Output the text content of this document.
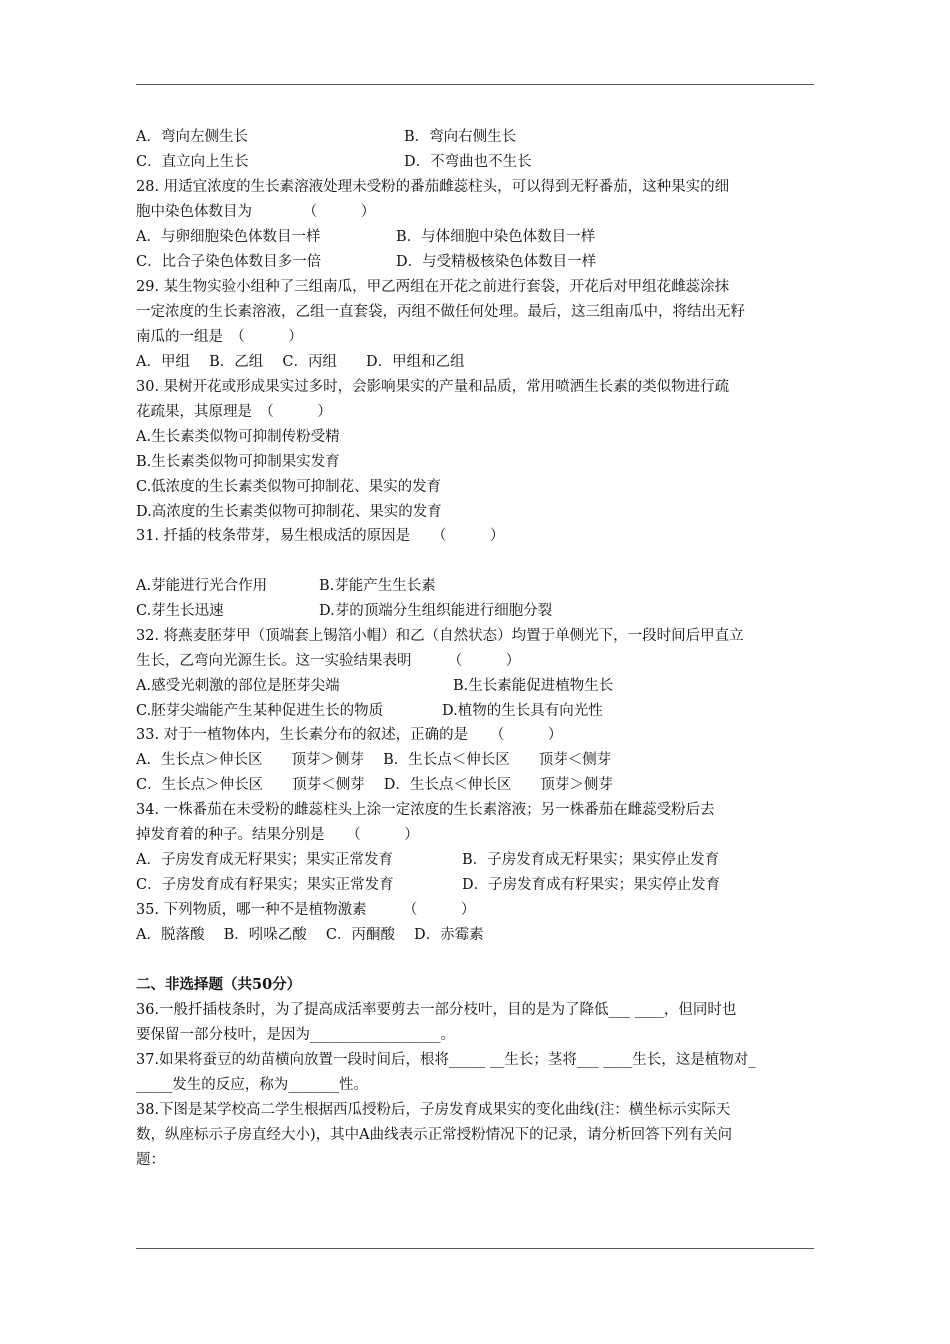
A．弯向左侧生长	B．弯向右侧生长
C．直立向上生长	D．不弯曲也不生长
28. 用适宜浓度的生长素溶液处理未受粉的番茄雌蕊柱头，可以得到无籽番茄，这种果实的细
胞中染色体数目为　　　　（　　　）
A．与卵细胞染色体数目一样	B．与体细胞中染色体数目一样
C．比合子染色体数目多一倍	D．与受精极核染色体数目一样
29. 某生物实验小组种了三组南瓜，甲乙两组在开花之前进行套袋，开花后对甲组花雌蕊涂抹
一定浓度的生长素溶液，乙组一直套袋，丙组不做任何处理。最后，这三组南瓜中，将结出无籽
南瓜的一组是　（　　　）
A．甲组　 B．乙组　 C．丙组　　D．甲组和乙组
30. 果树开花或形成果实过多时，会影响果实的产量和品质，常用喷洒生长素的类似物进行疏
花疏果，其原理是　（　　　）
A.生长素类似物可抑制传粉受精
B.生长素类似物可抑制果实发育
C.低浓度的生长素类似物可抑制花、果实的发育
D.高浓度的生长素类似物可抑制花、果实的发育
31. 扦插的枝条带芽，易生根成活的原因是　　（　　　）
A.芽能进行光合作用	B.芽能产生生长素
C.芽生长迅速	D.芽的顶端分生组织能进行细胞分裂
32. 将燕麦胚芽甲（顶端套上锡箔小帽）和乙（自然状态）均置于单侧光下，一段时间后甲直立
生长，乙弯向光源生长。这一实验结果表明　　　（　　　）
A.感受光刺激的部位是胚芽尖端	B.生长素能促进植物生长
C.胚芽尖端能产生某种促进生长的物质	D.植物的生长具有向光性
33. 对于一植物体内，生长素分布的叙述，正确的是　　（　　　）
A．生长点＞伸长区　　顶芽＞侧芽　 B．生长点＜伸长区　　顶芽＜侧芽
C．生长点＞伸长区　　顶芽＜侧芽　 D．生长点＜伸长区　　顶芽＞侧芽
34. 一株番茄在未受粉的雌蕊柱头上涂一定浓度的生长素溶液；另一株番茄在雌蕊受粉后去
掉发育着的种子。结果分别是　　（　　　）
A．子房发育成无籽果实；果实正常发育	B．子房发育成无籽果实；果实停止发育
C．子房发育成有籽果实；果实正常发育	D．子房发育成有籽果实；果实停止发育
35. 下列物质，哪一种不是植物激素　　　（　　　）
A．脱落酸　 B．吲哚乙酸　 C．丙酮酸　 D．赤霉素
二、非选择题（共50分）
36.一般扦插枝条时，为了提高成活率要剪去一部分枝叶，目的是为了降低___ ____，但同时也
要保留一部分枝叶，是因为__________________。
37.如果将蚕豆的幼苗横向放置一段时间后，根将_____ __生长；茎将___ ____生长，这是植物对_
_____发生的反应，称为_______性。
38.下图是某学校高二学生根据西瓜授粉后，子房发育成果实的变化曲线(注：横坐标示实际天
数，纵座标示子房直经大小)，其中A曲线表示正常授粉情况下的记录，请分析回答下列有关问
题：
